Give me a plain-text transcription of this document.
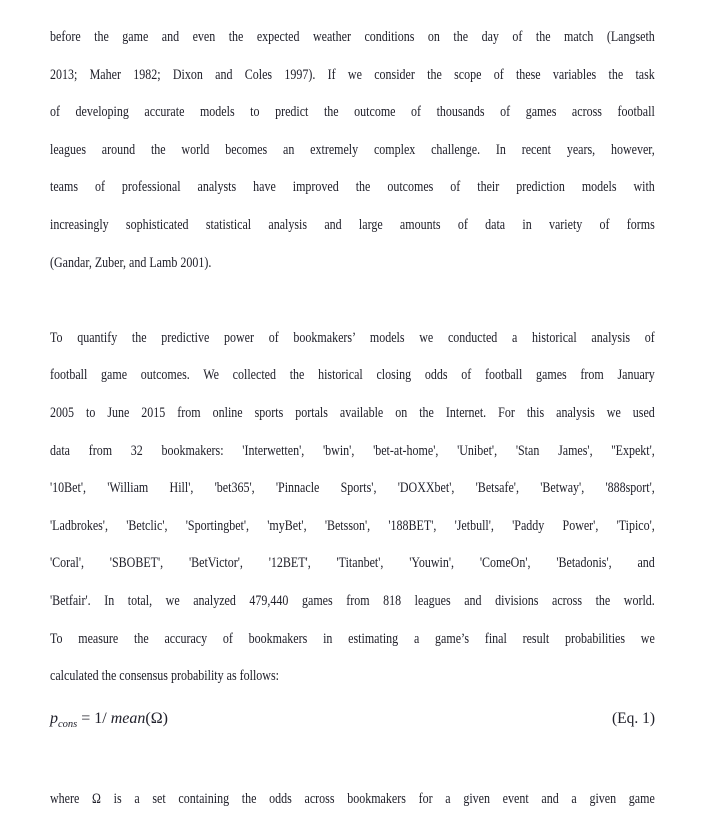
before the game and even the expected weather conditions on the day of the match (Langseth
2013; Maher 1982; Dixon and Coles 1997). If we consider the scope of these variables the task
of developing accurate models to predict the outcome of thousands of games across football
leagues around the world becomes an extremely complex challenge. In recent years, however,
teams of professional analysts have improved the outcomes of their prediction models with
increasingly sophisticated statistical analysis and large amounts of data in variety of forms
(Gandar, Zuber, and Lamb 2001).
To quantify the predictive power of bookmakers’ models we conducted a historical analysis of
football game outcomes. We collected the historical closing odds of football games from January
2005 to June 2015 from online sports portals available on the Internet. For this analysis we used
data from 32 bookmakers: 'Interwetten', 'bwin', 'bet-at-home', 'Unibet', 'Stan James', ''Expekt',
'10Bet', 'William Hill', 'bet365', 'Pinnacle Sports', 'DOXXbet', 'Betsafe', 'Betway', '888sport',
'Ladbrokes', 'Betclic', 'Sportingbet', 'myBet', 'Betsson', '188BET', 'Jetbull', 'Paddy Power', 'Tipico',
'Coral', 'SBOBET', 'BetVictor', '12BET', 'Titanbet', 'Youwin', 'ComeOn', 'Betadonis', and
'Betfair'. In total, we analyzed 479,440 games from 818 leagues and divisions across the world.
To measure the accuracy of bookmakers in estimating a game’s final result probabilities we
calculated the consensus probability as follows:
$p_{cons} = 1/$ mean(Ω)	(Eq. 1)
where Ω is a set containing the odds across bookmakers for a given event and a given game
